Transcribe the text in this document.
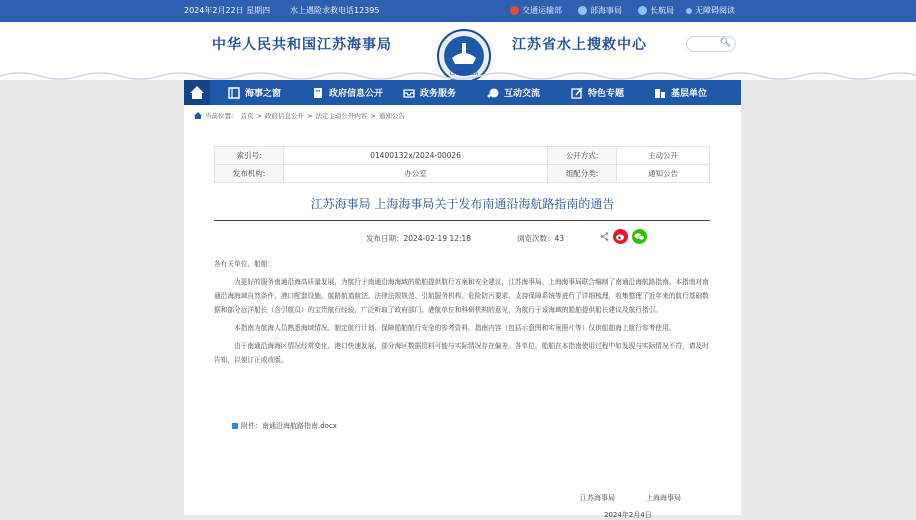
2024年2月22日 星期四 水上遇险求救电话12395	交通运输部	部海事局	长航局	无障碍阅读
中华人民共和国江苏海事局	江苏省水上搜救中心
CHINA MSA
🔍︎
海事之窗	政府信息公开	政务服务	互动交流	特色专题	基层单位
当前位置： 首页 > 政府信息公开 > 法定主动公开内容 > 通知公告
索引号:	01400132x/2024-00026	公开方式:	主动公开
发布机构:	办公室	组配分类:	通知公告
江苏海事局 上海海事局关于发布南通沿海航路指南的通告
发布日期：2024-02-19 12:18	浏览次数：43

各有关单位、船舶：

为更好的服务南通沿海高质量发展，为航行于南通沿海海域的船舶提供航行方案和安全建议，江苏海事局、上海海事局联合编制了南通沿海航路指南。本指南对南通沿海海域自然条件、港口配套设施、航路航道航法、法律法规规范、引航服务机构、危险防污要求、支持保障系统等进行了详细梳理，收集整理了近年来的航行基础数据和部分远洋船长（含引航员）的宝贵航行经验，广泛听取了政府部门、港航单位和科研机构的意见，为航行于该海域的船舶提供船长建议及航行指引。

本指南为航海人员熟悉海域情况、制定航行计划、保障船舶航行安全的参考资料。指南内容（包括示意图和实景照片等）仅供船舶海上航行参考使用。

由于南通沿海海区情况经常变化、港口快速发展，部分海区数据资料可能与实际情况存在偏差。各单位、船舶在本指南使用过程中如发现与实际情况不符，请及时告知，以便订正或改版。

附件：南通沿海航路指南.docx
江苏海事局	上海海事局
2024年2月4日
